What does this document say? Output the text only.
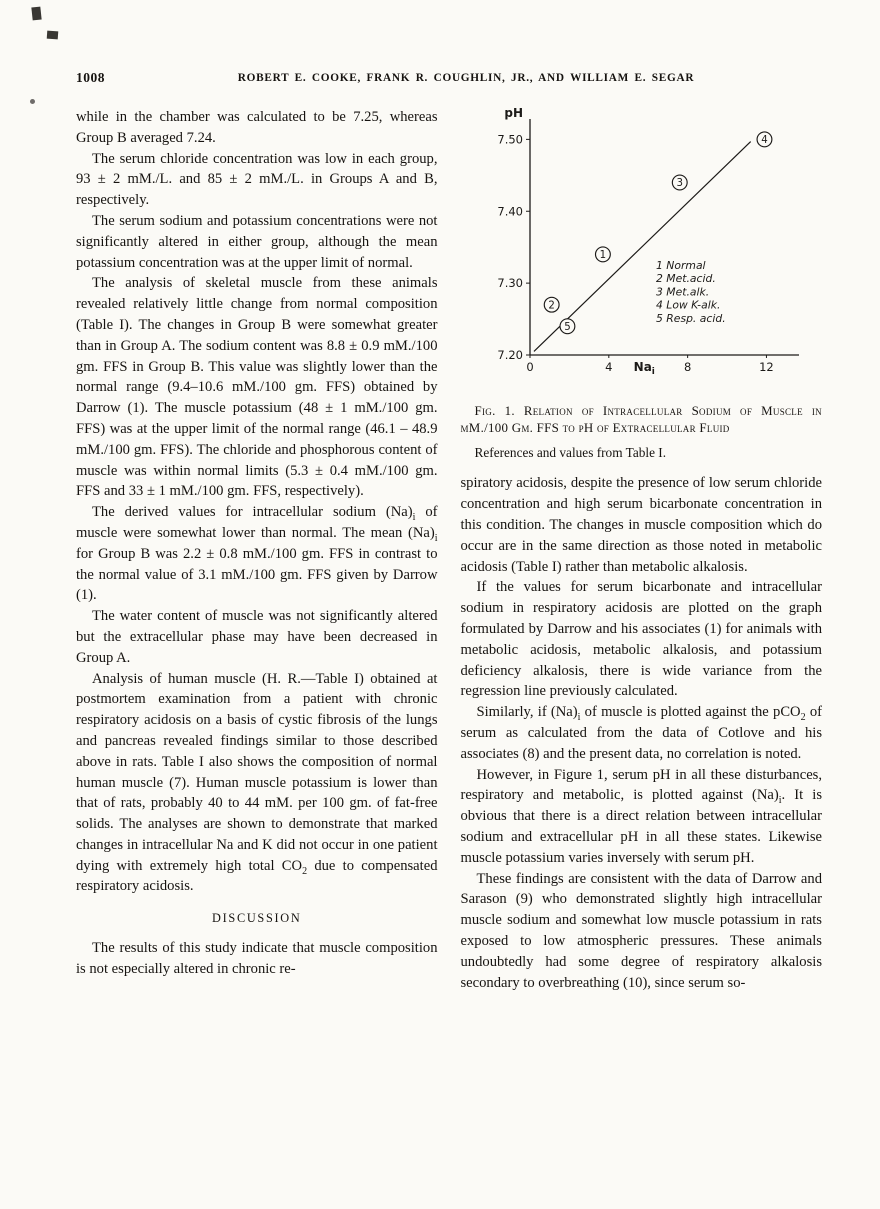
1008	ROBERT E. COOKE, FRANK R. COUGHLIN, JR., AND WILLIAM E. SEGAR

while in the chamber was calculated to be 7.25, whereas Group B averaged 7.24.

The serum chloride concentration was low in each group, 93 ± 2 mM./L. and 85 ± 2 mM./L. in Groups A and B, respectively.

The serum sodium and potassium concentrations were not significantly altered in either group, although the mean potassium concentration was at the upper limit of normal.

The analysis of skeletal muscle from these animals revealed relatively little change from normal composition (Table I). The changes in Group B were somewhat greater than in Group A. The sodium content was 8.8 ± 0.9 mM./100 gm. FFS in Group B. This value was slightly lower than the normal range (9.4–10.6 mM./100 gm. FFS) obtained by Darrow (1). The muscle potassium (48 ± 1 mM./100 gm. FFS) was at the upper limit of the normal range (46.1 – 48.9 mM./100 gm. FFS). The chloride and phosphorous content of muscle was within normal limits (5.3 ± 0.4 mM./100 gm. FFS and 33 ± 1 mM./100 gm. FFS, respectively).

The derived values for intracellular sodium $(Na)_i$ of muscle were somewhat lower than normal. The mean $(Na)_i$ for Group B was 2.2 ± 0.8 mM./100 gm. FFS in contrast to the normal value of 3.1 mM./100 gm. FFS given by Darrow (1).

The water content of muscle was not significantly altered but the extracellular phase may have been decreased in Group A.

Analysis of human muscle (H. R.—Table I) obtained at postmortem examination from a patient with chronic respiratory acidosis on a basis of cystic fibrosis of the lungs and pancreas revealed findings similar to those described above in rats. Table I also shows the composition of normal human muscle (7). Human muscle potassium is lower than that of rats, probably 40 to 44 mM. per 100 gm. of fat-free solids. The analyses are shown to demonstrate that marked changes in intracellular Na and K did not occur in one patient dying with extremely high total $CO_2$ due to compensated respiratory acidosis.

DISCUSSION

The results of this study indicate that muscle composition is not especially altered in chronic re-

7.20
7.30
7.40
7.50
0	4	8	12
pH
$Na_i$
1
2
3
4
5
1 Normal
2 Met.acid.
3 Met.alk.
4 Low K-alk.
5 Resp. acid.

Fig. 1. Relation of Intracellular Sodium of Muscle in mM./100 Gm. FFS to pH of Extracellular Fluid

References and values from Table I.

spiratory acidosis, despite the presence of low serum chloride concentration and high serum bicarbonate concentration in this condition. The changes in muscle composition which do occur are in the same direction as those noted in metabolic acidosis (Table I) rather than metabolic alkalosis.

If the values for serum bicarbonate and intracellular sodium in respiratory acidosis are plotted on the graph formulated by Darrow and his associates (1) for animals with metabolic acidosis, metabolic alkalosis, and potassium deficiency alkalosis, there is wide variance from the regression line previously calculated.

Similarly, if $(Na)_i$ of muscle is plotted against the pCO$_2$ of serum as calculated from the data of Cotlove and his associates (8) and the present data, no correlation is noted.

However, in Figure 1, serum pH in all these disturbances, respiratory and metabolic, is plotted against $(Na)_i$. It is obvious that there is a direct relation between intracellular sodium and extracellular pH in all these states. Likewise muscle potassium varies inversely with serum pH.

These findings are consistent with the data of Darrow and Sarason (9) who demonstrated slightly high intracellular muscle sodium and somewhat low muscle potassium in rats exposed to low atmospheric pressures. These animals undoubtedly had some degree of respiratory alkalosis secondary to overbreathing (10), since serum so-
